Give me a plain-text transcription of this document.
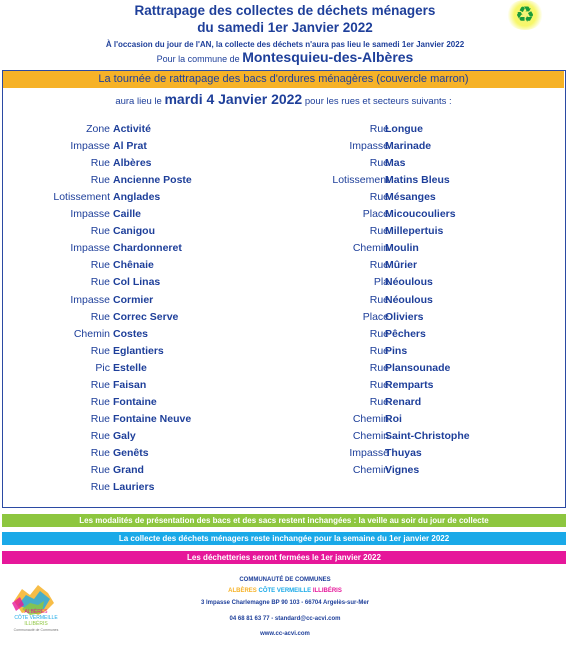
Rattrapage des collectes de déchets ménagers
du samedi 1er Janvier 2022
♻
À l'occasion du jour de l'AN, la collecte des déchets n'aura pas lieu le samedi 1er Janvier 2022
Pour la commune de Montesquieu-des-Albères
La tournée de rattrapage des bacs d'ordures ménagères (couvercle marron)
aura lieu le mardi 4 Janvier 2022 pour les rues et secteurs suivants :
Zone Activité
Impasse Al Prat
Rue Albères
Rue Ancienne Poste
Lotissement Anglades
Impasse Caille
Rue Canigou
Impasse Chardonneret
Rue Chênaie
Rue Col Linas
Impasse Cormier
Rue Correc Serve
Chemin Costes
Rue Eglantiers
Pic Estelle
Rue Faisan
Rue Fontaine
Rue Fontaine Neuve
Rue Galy
Rue Genêts
Rue Grand
Rue Lauriers
Rue
Longue
Impasse
Marinade
Rue
Mas
Lotissement
Matins Bleus
Rue
Mésanges
Place
Micoucouliers
Rue
Millepertuis
Chemin
Moulin
Rue
Mûrier
Pla
Néoulous
Rue
Néoulous
Place
Oliviers
Rue
Pêchers
Rue
Pins
Rue
Plansounade
Rue
Remparts
Rue
Renard
Chemin
Roi
Chemin
Saint-Christophe
Impasse
Thuyas
Chemin
Vignes
Les modalités de présentation des bacs et des sacs restent inchangées : la veille au soir du jour de collecte
La collecte des déchets ménagers reste inchangée pour la semaine du 1er janvier 2022
Les déchetteries seront fermées le 1er janvier 2022
ALBÈRES
CÔTE VERMEILLE
ILLIBÉRIS
Communauté de Communes
COMMUNAUTÉ DE COMMUNES
ALBÈRES CÔTE VERMEILLE ILLIBÉRIS
3 Impasse Charlemagne BP 90 103 - 66704 Argelès-sur-Mer
04 68 81 63 77 - standard@cc-acvi.com
www.cc-acvi.com
